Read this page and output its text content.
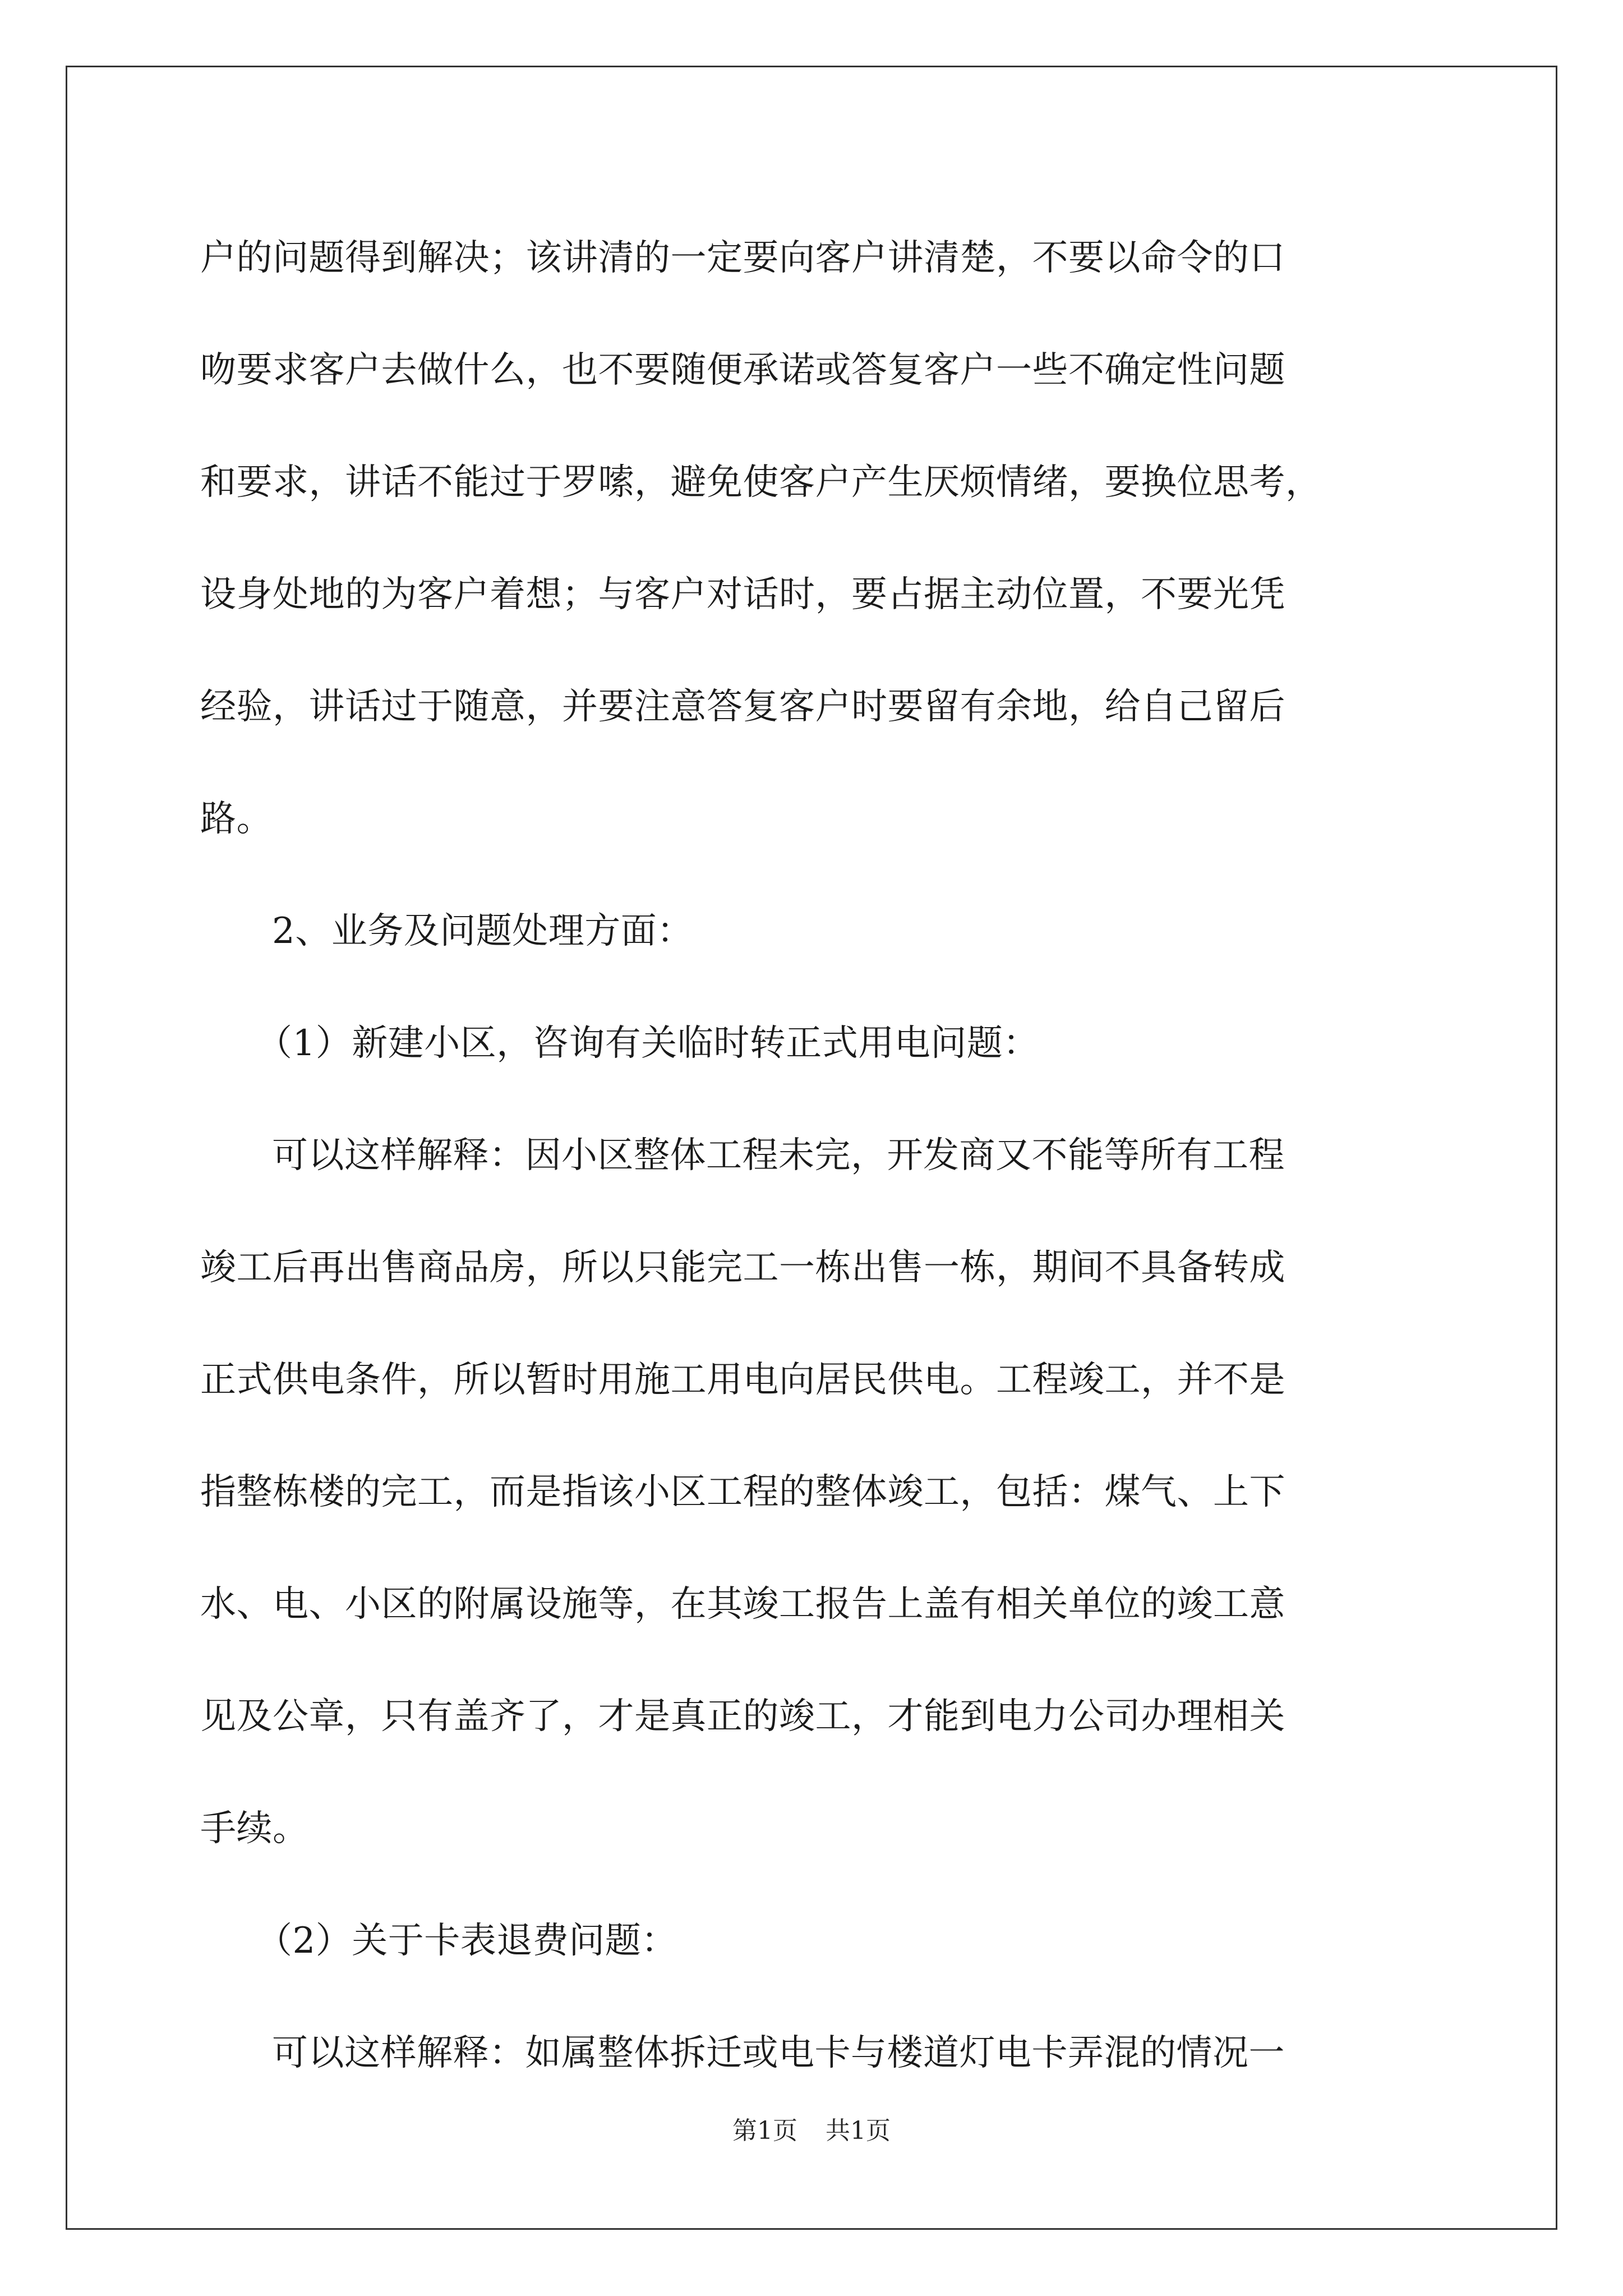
户的问题得到解决；该讲清的一定要向客户讲清楚，不要以命令的口
吻要求客户去做什么，也不要随便承诺或答复客户一些不确定性问题
和要求，讲话不能过于罗嗦，避免使客户产生厌烦情绪，要换位思考，
设身处地的为客户着想；与客户对话时，要占据主动位置，不要光凭
经验，讲话过于随意，并要注意答复客户时要留有余地，给自己留后
路。
2、业务及问题处理方面：
（1）新建小区，咨询有关临时转正式用电问题：
可以这样解释：因小区整体工程未完，开发商又不能等所有工程
竣工后再出售商品房，所以只能完工一栋出售一栋，期间不具备转成
正式供电条件，所以暂时用施工用电向居民供电。工程竣工，并不是
指整栋楼的完工，而是指该小区工程的整体竣工，包括：煤气、上下
水、电、小区的附属设施等，在其竣工报告上盖有相关单位的竣工意
见及公章，只有盖齐了，才是真正的竣工，才能到电力公司办理相关
手续。
（2）关于卡表退费问题：
可以这样解释：如属整体拆迁或电卡与楼道灯电卡弄混的情况一
第1页 共1页
